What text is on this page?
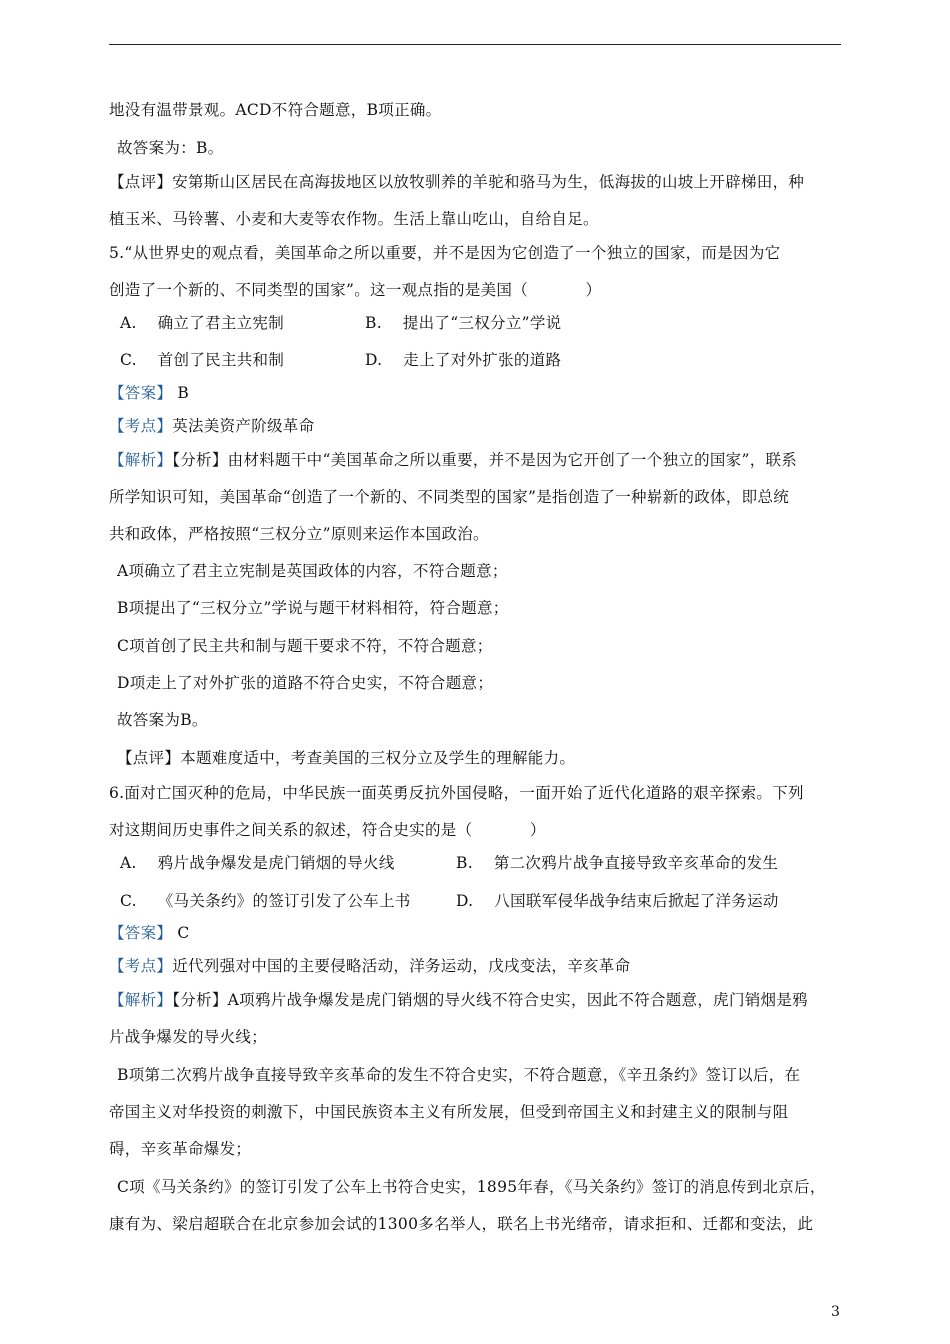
地没有温带景观。ACD不符合题意，B项正确。
故答案为：B。
【点评】安第斯山区居民在高海拔地区以放牧驯养的羊驼和骆马为生，低海拔的山坡上开辟梯田，种
植玉米、马铃薯、小麦和大麦等农作物。生活上靠山吃山，自给自足。
5.“从世界史的观点看，美国革命之所以重要，并不是因为它创造了一个独立的国家，而是因为它
创造了一个新的、不同类型的国家”。这一观点指的是美国（           ）
A.    确立了君主立宪制	B.    提出了“三权分立”学说
C.    首创了民主共和制	D.    走上了对外扩张的道路
【答案】 B
【考点】英法美资产阶级革命
【解析】【分析】由材料题干中“美国革命之所以重要，并不是因为它开创了一个独立的国家”，联系
所学知识可知，美国革命“创造了一个新的、不同类型的国家”是指创造了一种崭新的政体，即总统
共和政体，严格按照“三权分立”原则来运作本国政治。
A项确立了君主立宪制是英国政体的内容，不符合题意；
B项提出了“三权分立”学说与题干材料相符，符合题意；
C项首创了民主共和制与题干要求不符，不符合题意；
D项走上了对外扩张的道路不符合史实，不符合题意；
故答案为B。
【点评】本题难度适中，考查美国的三权分立及学生的理解能力。
6.面对亡国灭种的危局，中华民族一面英勇反抗外国侵略，一面开始了近代化道路的艰辛探索。下列
对这期间历史事件之间关系的叙述，符合史实的是（           ）
A.    鸦片战争爆发是虎门销烟的导火线	B.    第二次鸦片战争直接导致辛亥革命的发生
C.    《马关条约》的签订引发了公车上书	D.    八国联军侵华战争结束后掀起了洋务运动
【答案】 C
【考点】近代列强对中国的主要侵略活动，洋务运动，戊戌变法，辛亥革命
【解析】【分析】A项鸦片战争爆发是虎门销烟的导火线不符合史实，因此不符合题意，虎门销烟是鸦
片战争爆发的导火线；
B项第二次鸦片战争直接导致辛亥革命的发生不符合史实，不符合题意，《辛丑条约》签订以后，在
帝国主义对华投资的刺激下，中国民族资本主义有所发展，但受到帝国主义和封建主义的限制与阻
碍，辛亥革命爆发；
C项《马关条约》的签订引发了公车上书符合史实，1895年春，《马关条约》签订的消息传到北京后，
康有为、梁启超联合在北京参加会试的1300多名举人，联名上书光绪帝，请求拒和、迁都和变法，此
3
